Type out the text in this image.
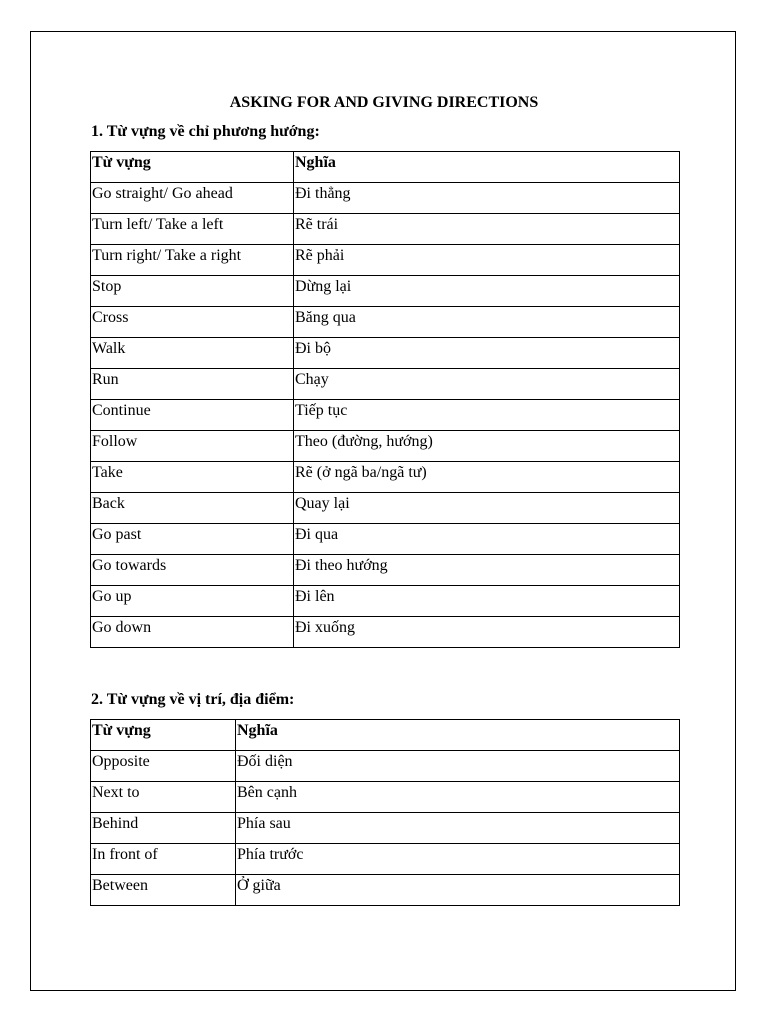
ASKING FOR AND GIVING DIRECTIONS
1. Từ vựng về chỉ phương hướng:
Từ vựng	Nghĩa
Go straight/ Go ahead	Đi thẳng
Turn left/ Take a left	Rẽ trái
Turn right/ Take a right	Rẽ phải
Stop	Dừng lại
Cross	Băng qua
Walk	Đi bộ
Run	Chạy
Continue	Tiếp tục
Follow	Theo (đường, hướng)
Take	Rẽ (ở ngã ba/ngã tư)
Back	Quay lại
Go past	Đi qua
Go towards	Đi theo hướng
Go up	Đi lên
Go down	Đi xuống
2. Từ vựng về vị trí, địa điểm:
Từ vựng	Nghĩa
Opposite	Đối diện
Next to	Bên cạnh
Behind	Phía sau
In front of	Phía trước
Between	Ở giữa
